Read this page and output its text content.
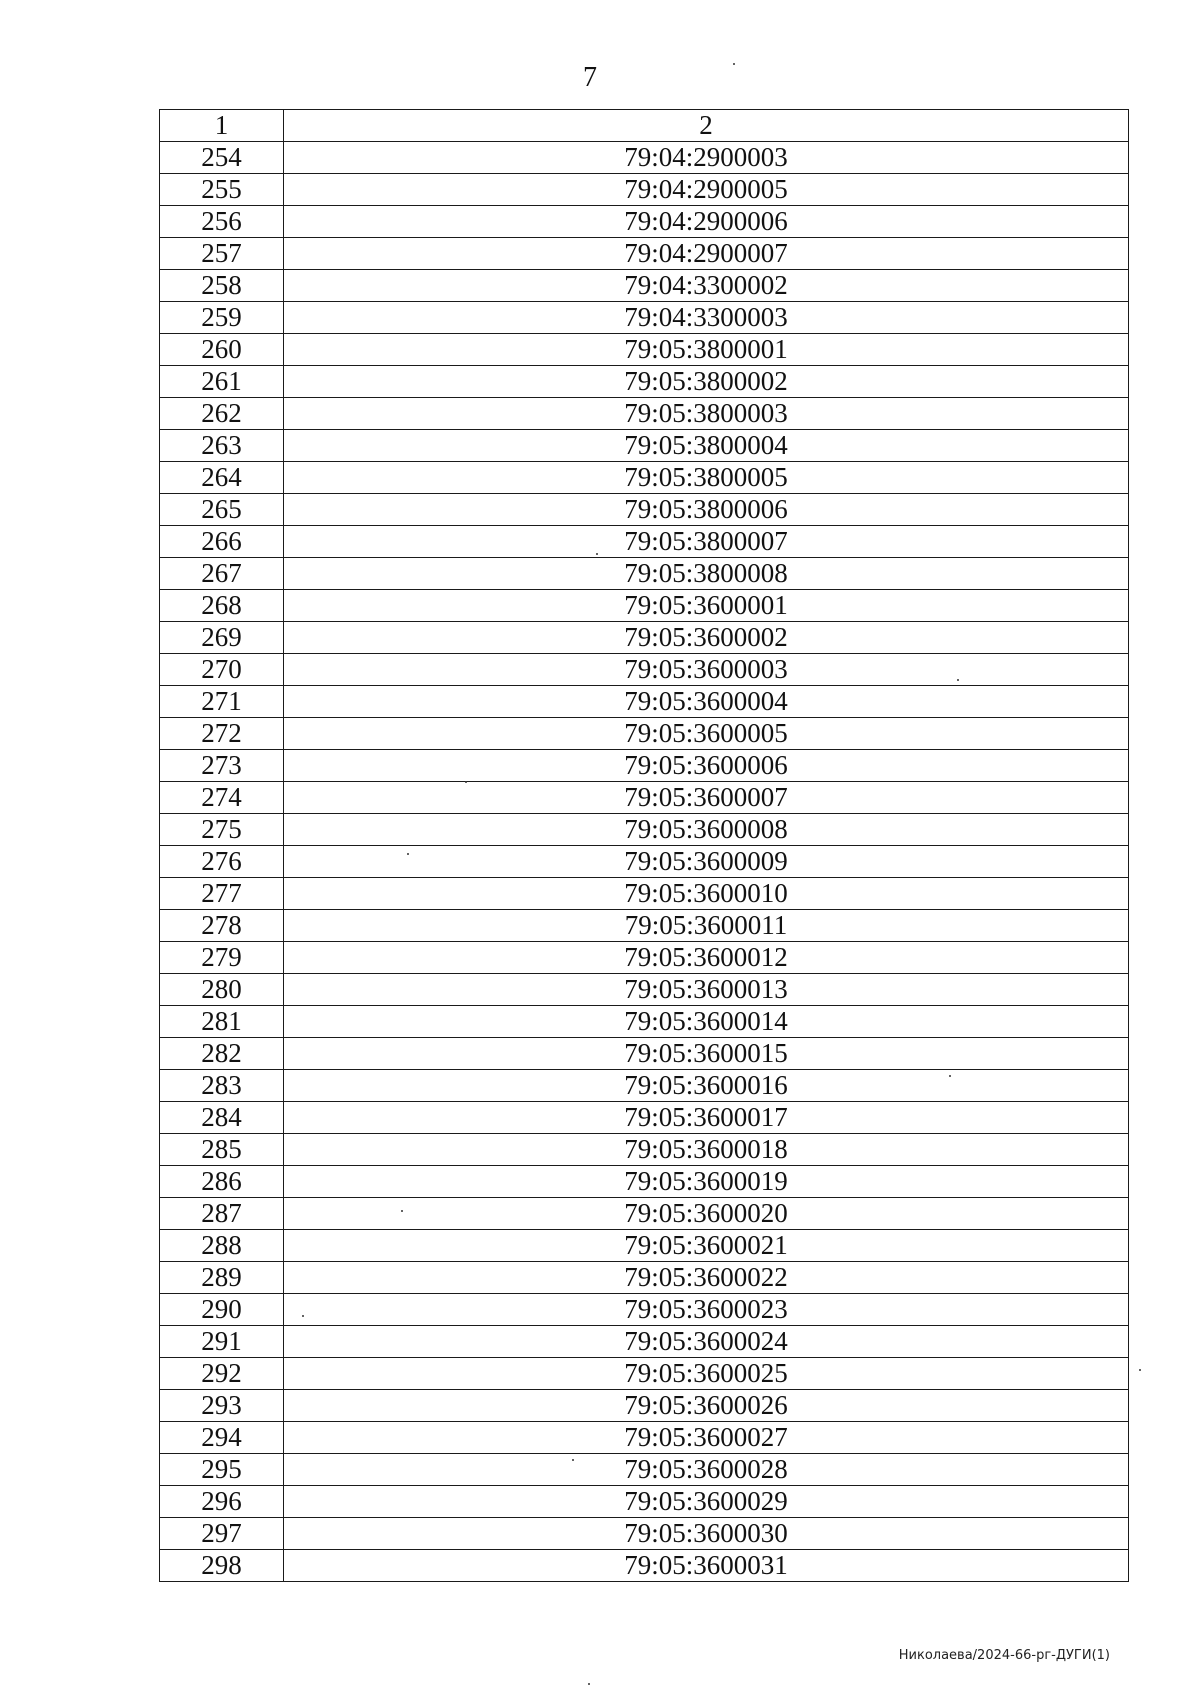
7
1	2
254	79:04:2900003
255	79:04:2900005
256	79:04:2900006
257	79:04:2900007
258	79:04:3300002
259	79:04:3300003
260	79:05:3800001
261	79:05:3800002
262	79:05:3800003
263	79:05:3800004
264	79:05:3800005
265	79:05:3800006
266	79:05:3800007
267	79:05:3800008
268	79:05:3600001
269	79:05:3600002
270	79:05:3600003
271	79:05:3600004
272	79:05:3600005
273	79:05:3600006
274	79:05:3600007
275	79:05:3600008
276	79:05:3600009
277	79:05:3600010
278	79:05:3600011
279	79:05:3600012
280	79:05:3600013
281	79:05:3600014
282	79:05:3600015
283	79:05:3600016
284	79:05:3600017
285	79:05:3600018
286	79:05:3600019
287	79:05:3600020
288	79:05:3600021
289	79:05:3600022
290	79:05:3600023
291	79:05:3600024
292	79:05:3600025
293	79:05:3600026
294	79:05:3600027
295	79:05:3600028
296	79:05:3600029
297	79:05:3600030
298	79:05:3600031
Николаева/2024-66-рг-ДУГИ(1)
